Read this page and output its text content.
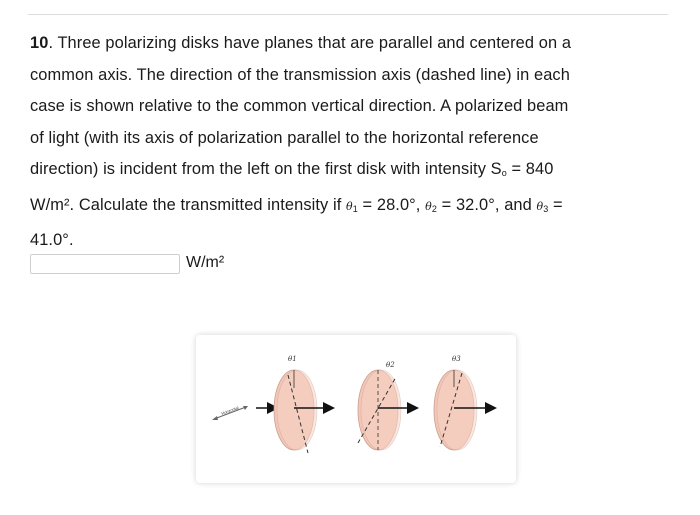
10. Three polarizing disks have planes that are parallel and centered on a
common axis. The direction of the transmission axis (dashed line) in each
case is shown relative to the common vertical direction. A polarized beam
of light (with its axis of polarization parallel to the horizontal reference
direction) is incident from the left on the first disk with intensity $S_o = 840$
W/m². Calculate the transmitted intensity if $\theta_1 = 28.0^\circ$, $\theta_2 = 32.0^\circ$, and $\theta_3$ =
41.0°.
W/m²
Horizontal
θ1
θ2
θ3
